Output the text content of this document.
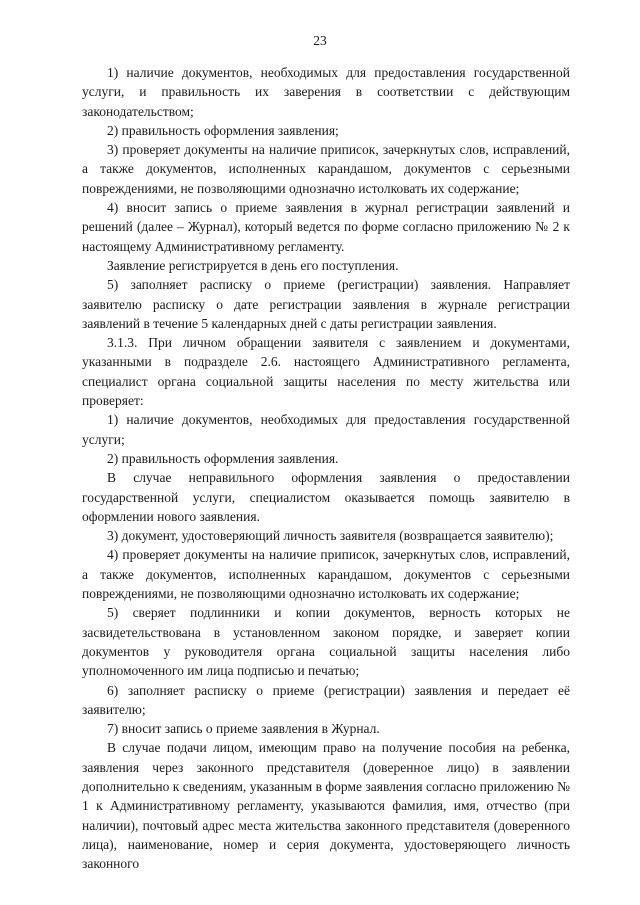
23

1) наличие документов, необходимых для предоставления государственной услуги, и правильность их заверения в соответствии с действующим законодательством;

2) правильность оформления заявления;

3) проверяет документы на наличие приписок, зачеркнутых слов, исправлений, а также документов, исполненных карандашом, документов с серьезными повреждениями, не позволяющими однозначно истолковать их содержание;

4) вносит запись о приеме заявления в журнал регистрации заявлений и решений (далее – Журнал), который ведется по форме согласно приложению № 2 к настоящему Административному регламенту.

Заявление регистрируется в день его поступления.

5) заполняет расписку о приеме (регистрации) заявления. Направляет заявителю расписку о дате регистрации заявления в журнале регистрации заявлений в течение 5 календарных дней с даты регистрации заявления.

3.1.3. При личном обращении заявителя с заявлением и документами, указанными в подразделе 2.6. настоящего Административного регламента, специалист органа социальной защиты населения по месту жительства или проверяет:

1) наличие документов, необходимых для предоставления государственной услуги;

2) правильность оформления заявления.

В случае неправильного оформления заявления о предоставлении государственной услуги, специалистом оказывается помощь заявителю в оформлении нового заявления.

3) документ, удостоверяющий личность заявителя (возвращается заявителю);

4) проверяет документы на наличие приписок, зачеркнутых слов, исправлений, а также документов, исполненных карандашом, документов с серьезными повреждениями, не позволяющими однозначно истолковать их содержание;

5) сверяет подлинники и копии документов, верность которых не засвидетельствована в установленном законом порядке, и заверяет копии документов у руководителя органа социальной защиты населения либо уполномоченного им лица подписью и печатью;

6) заполняет расписку о приеме (регистрации) заявления и передает её заявителю;

7) вносит запись о приеме заявления в Журнал.

В случае подачи лицом, имеющим право на получение пособия на ребенка, заявления через законного представителя (доверенное лицо) в заявлении дополнительно к сведениям, указанным в форме заявления согласно приложению № 1 к Административному регламенту, указываются фамилия, имя, отчество (при наличии), почтовый адрес места жительства законного представителя (доверенного лица), наименование, номер и серия документа, удостоверяющего личность законного
